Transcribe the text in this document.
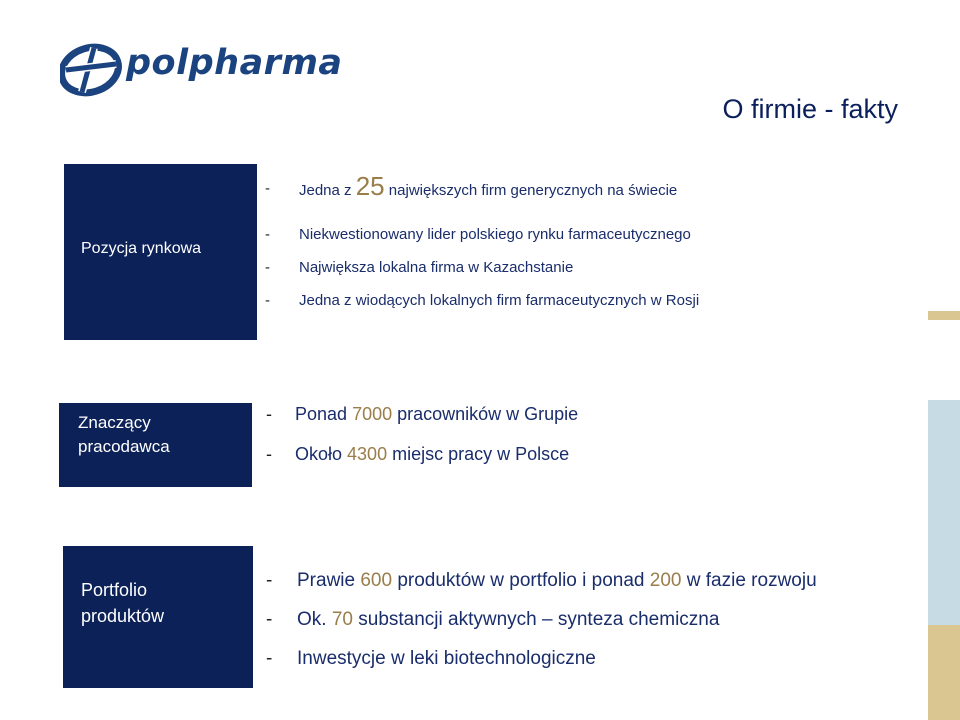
polpharma
O firmie - fakty
Pozycja rynkowa
Znaczący
pracodawca
Portfolio
produktów
- Jedna z 25 największych firm generycznych na świecie
- Niekwestionowany lider polskiego rynku farmaceutycznego
- Największa lokalna firma w Kazachstanie
- Jedna z wiodących lokalnych firm farmaceutycznych w Rosji
- Ponad 7000 pracowników w Grupie
- Około 4300 miejsc pracy w Polsce
- Prawie 600 produktów w portfolio i ponad 200 w fazie rozwoju
- Ok. 70 substancji aktywnych – synteza chemiczna
- Inwestycje w leki biotechnologiczne
